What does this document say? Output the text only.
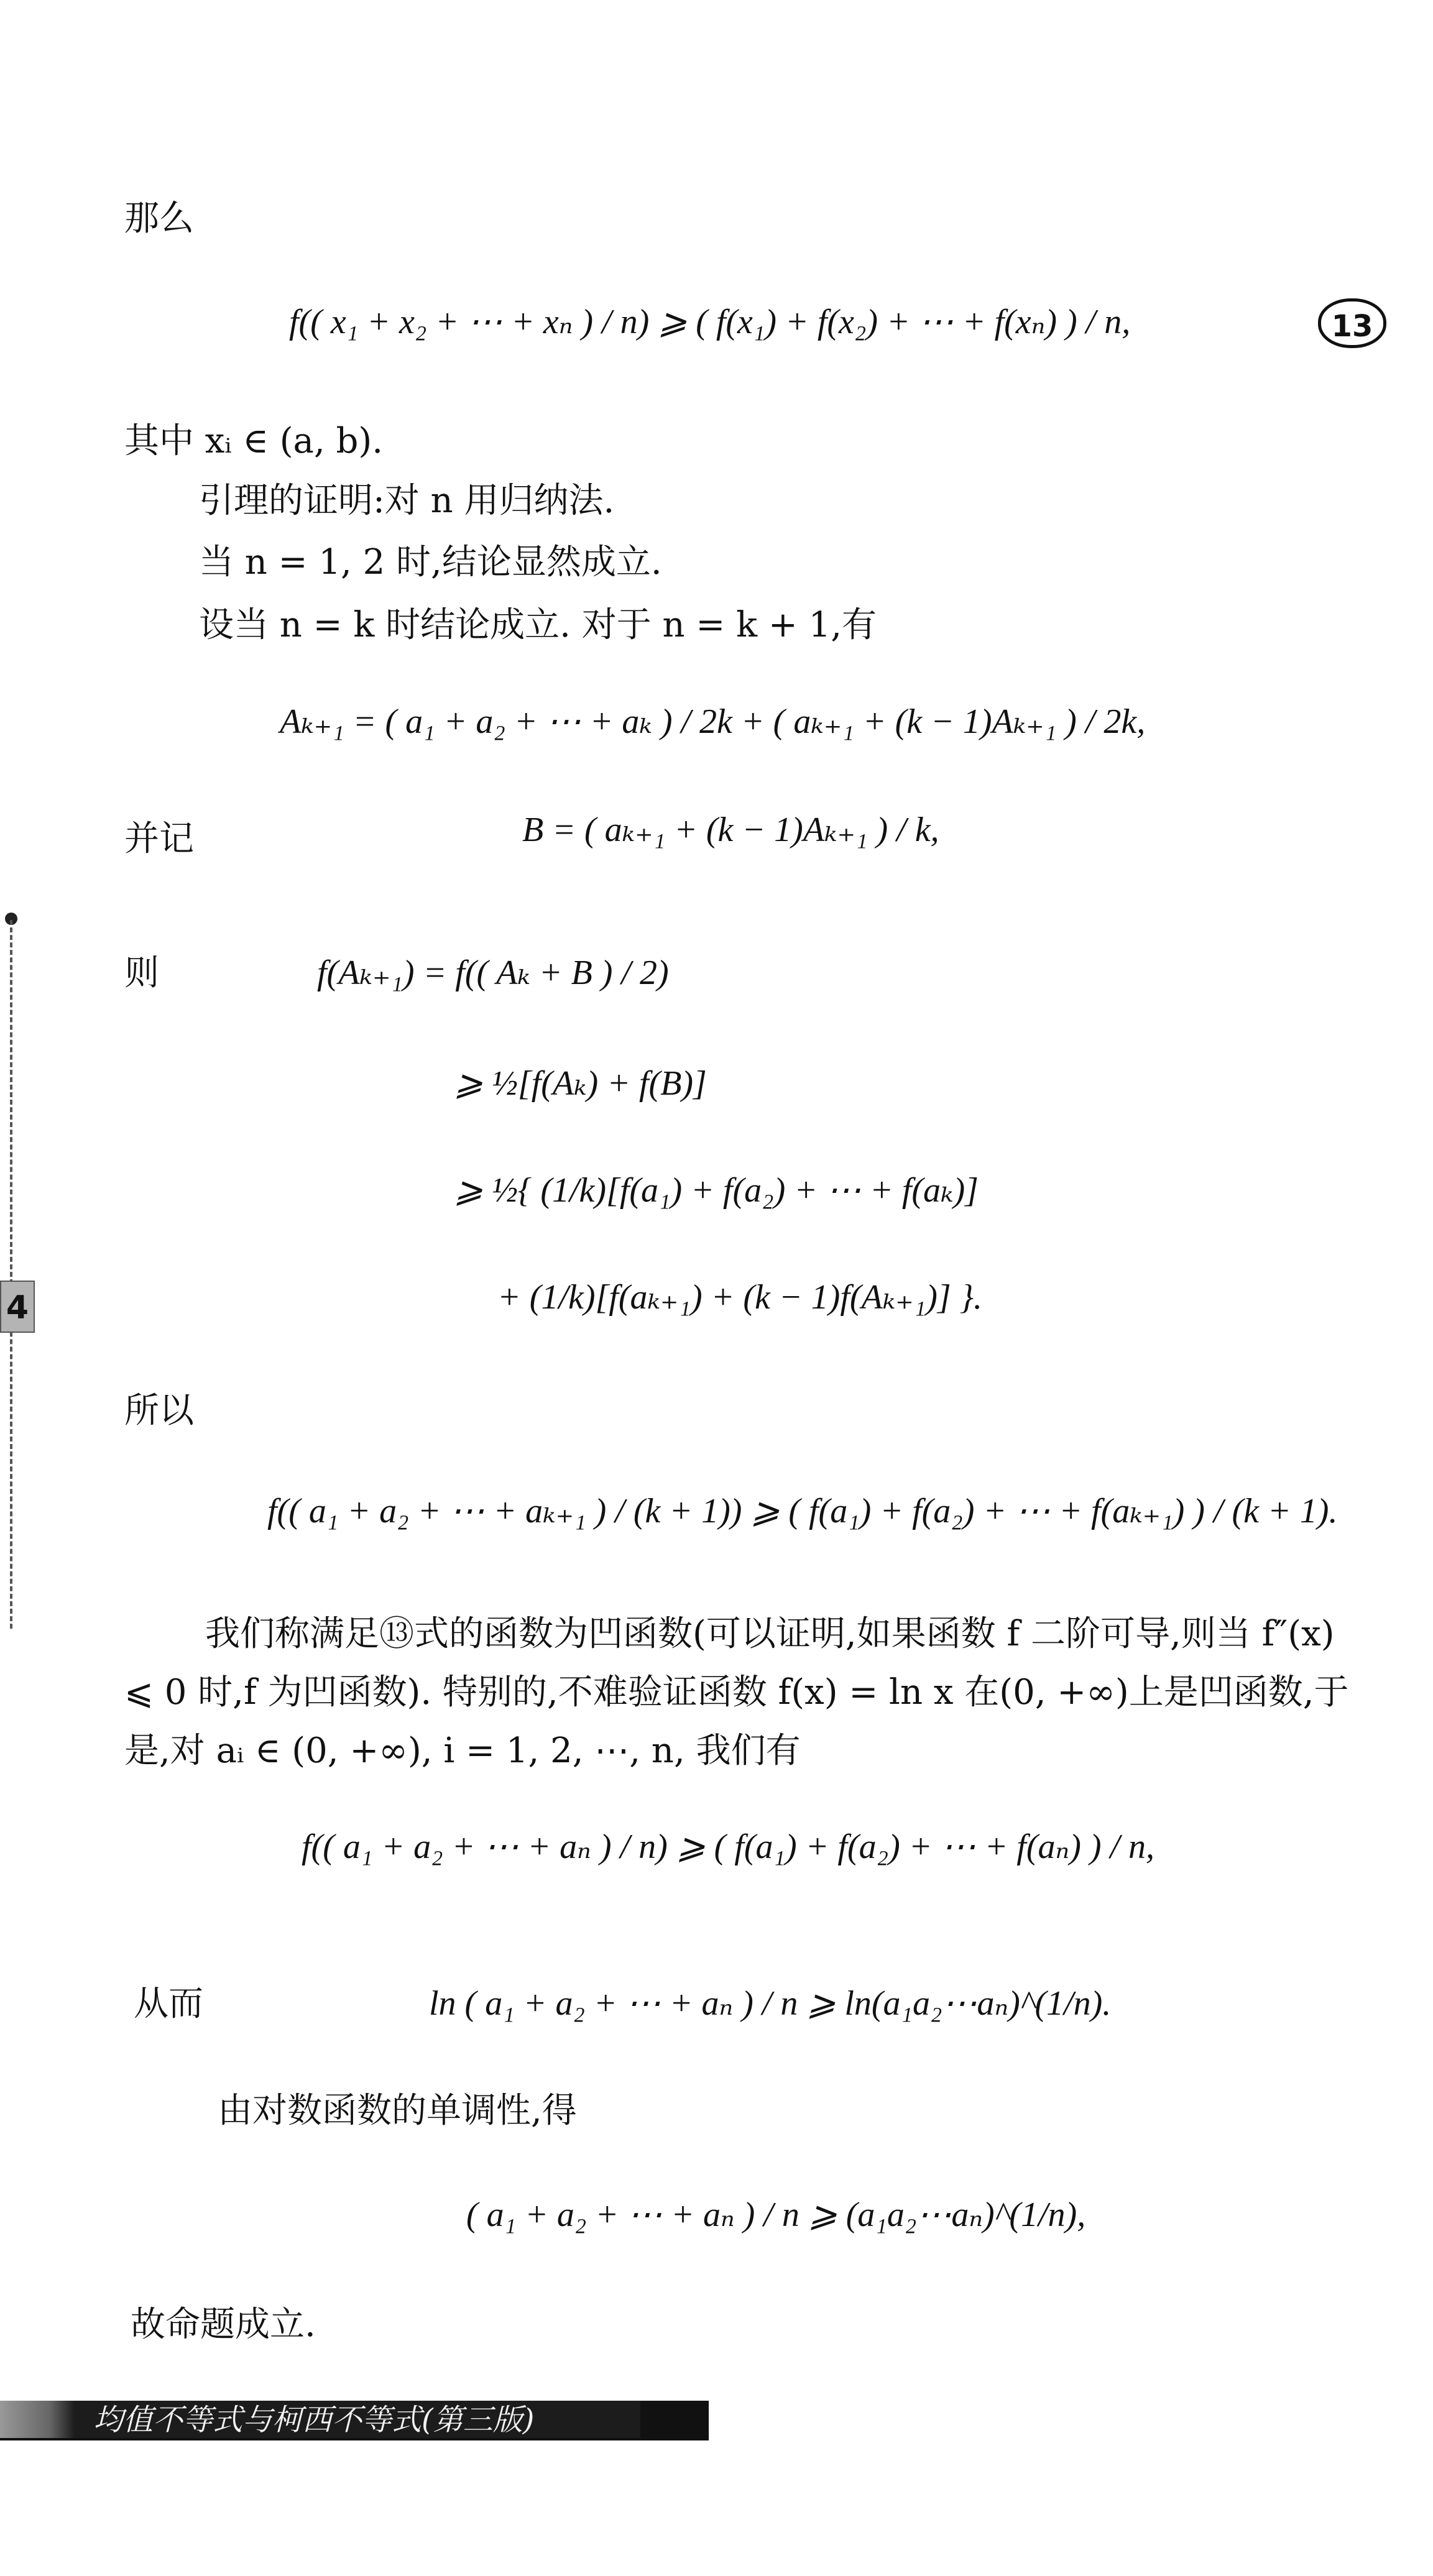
那么
f(( x₁ + x₂ + ⋯ + xₙ ) / n) ⩾ ( f(x₁) + f(x₂) + ⋯ + f(xₙ) ) / n,	13
其中 xᵢ ∈ (a, b).
引理的证明:对 n 用归纳法.
当 n = 1, 2 时,结论显然成立.
设当 n = k 时结论成立. 对于 n = k + 1,有
Aₖ₊₁ = ( a₁ + a₂ + ⋯ + aₖ ) / 2k + ( aₖ₊₁ + (k − 1)Aₖ₊₁ ) / 2k,
并记	B = ( aₖ₊₁ + (k − 1)Aₖ₊₁ ) / k,
则	f(Aₖ₊₁) = f(( Aₖ + B ) / 2)
⩾ ½[f(Aₖ) + f(B)]
⩾ ½{ (1/k)[f(a₁) + f(a₂) + ⋯ + f(aₖ)]
+ (1/k)[f(aₖ₊₁) + (k − 1)f(Aₖ₊₁)] }.
所以
f(( a₁ + a₂ + ⋯ + aₖ₊₁ ) / (k + 1)) ⩾ ( f(a₁) + f(a₂) + ⋯ + f(aₖ₊₁) ) / (k + 1).
我们称满足⑬式的函数为凹函数(可以证明,如果函数 f 二阶可导,则当 f″(x) ⩽ 0 时,f 为凹函数). 特别的,不难验证函数 f(x) = ln x 在(0, +∞)上是凹函数,于是,对 aᵢ ∈ (0, +∞), i = 1, 2, ⋯, n, 我们有
f(( a₁ + a₂ + ⋯ + aₙ ) / n) ⩾ ( f(a₁) + f(a₂) + ⋯ + f(aₙ) ) / n,
从而	ln ( a₁ + a₂ + ⋯ + aₙ ) / n ⩾ ln(a₁a₂⋯aₙ)^(1/n).
由对数函数的单调性,得
( a₁ + a₂ + ⋯ + aₙ ) / n ⩾ (a₁a₂⋯aₙ)^(1/n),
故命题成立.
4
均值不等式与柯西不等式(第三版)
